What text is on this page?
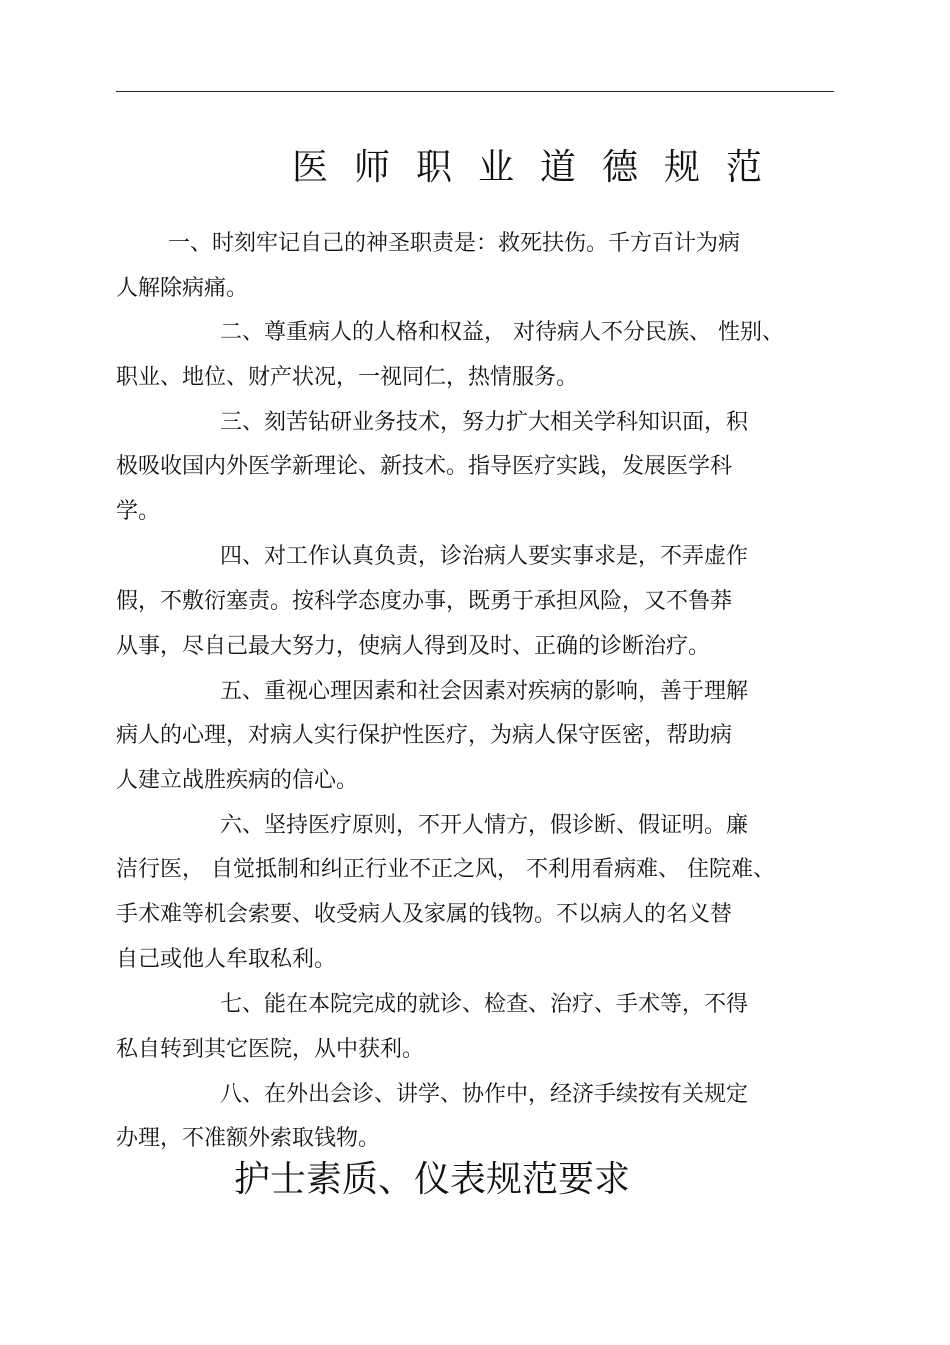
医师职业道德规范
一、时刻牢记自己的神圣职责是：救死扶伤。千方百计为病
人解除病痛。
二、尊重病人的人格和权益， 对待病人不分民族、 性别、
职业、地位、财产状况，一视同仁，热情服务。
三、刻苦钻研业务技术，努力扩大相关学科知识面，积
极吸收国内外医学新理论、新技术。指导医疗实践，发展医学科
学。
四、对工作认真负责，诊治病人要实事求是，不弄虚作
假，不敷衍塞责。按科学态度办事，既勇于承担风险，又不鲁莽
从事，尽自己最大努力，使病人得到及时、正确的诊断治疗。
五、重视心理因素和社会因素对疾病的影响，善于理解
病人的心理，对病人实行保护性医疗，为病人保守医密，帮助病
人建立战胜疾病的信心。
六、坚持医疗原则，不开人情方，假诊断、假证明。廉
洁行医， 自觉抵制和纠正行业不正之风， 不利用看病难、 住院难、
手术难等机会索要、收受病人及家属的钱物。不以病人的名义替
自己或他人牟取私利。
七、能在本院完成的就诊、检查、治疗、手术等，不得
私自转到其它医院，从中获利。
八、在外出会诊、讲学、协作中，经济手续按有关规定
办理，不准额外索取钱物。
护士素质、仪表规范要求
